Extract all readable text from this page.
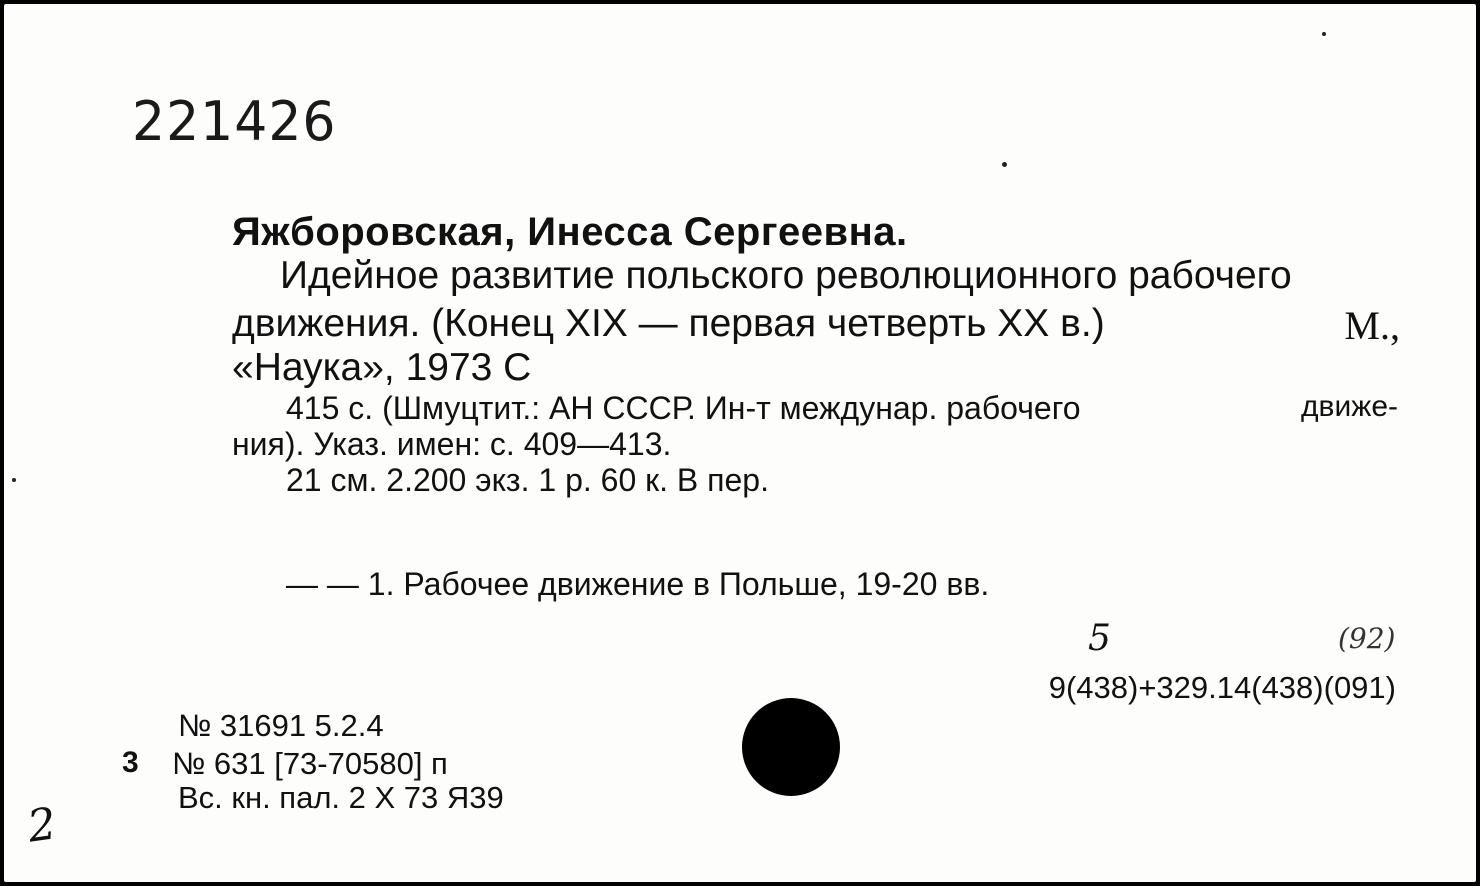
221426
Яжборовская, Инесса Сергеевна.
Идейное развитие польского революционного рабочего
движения. (Конец XIX — первая четверть XX в.)	М.,
«Наука», 1973 С
415 с. (Шмуцтит.: АН СССР. Ин-т междунар. рабочего	движе-
ния). Указ. имен: с. 409—413.
21 см. 2.200 экз. 1 р. 60 к. В пер.
— — 1. Рабочее движение в Польше, 19-20 вв.
5	(92)
9(438)+329.14(438)(091)
№ 31691 5.2.4
3 № 631 [73-70580] п
Вс. кн. пал. 2 Х 73 Я39
2
